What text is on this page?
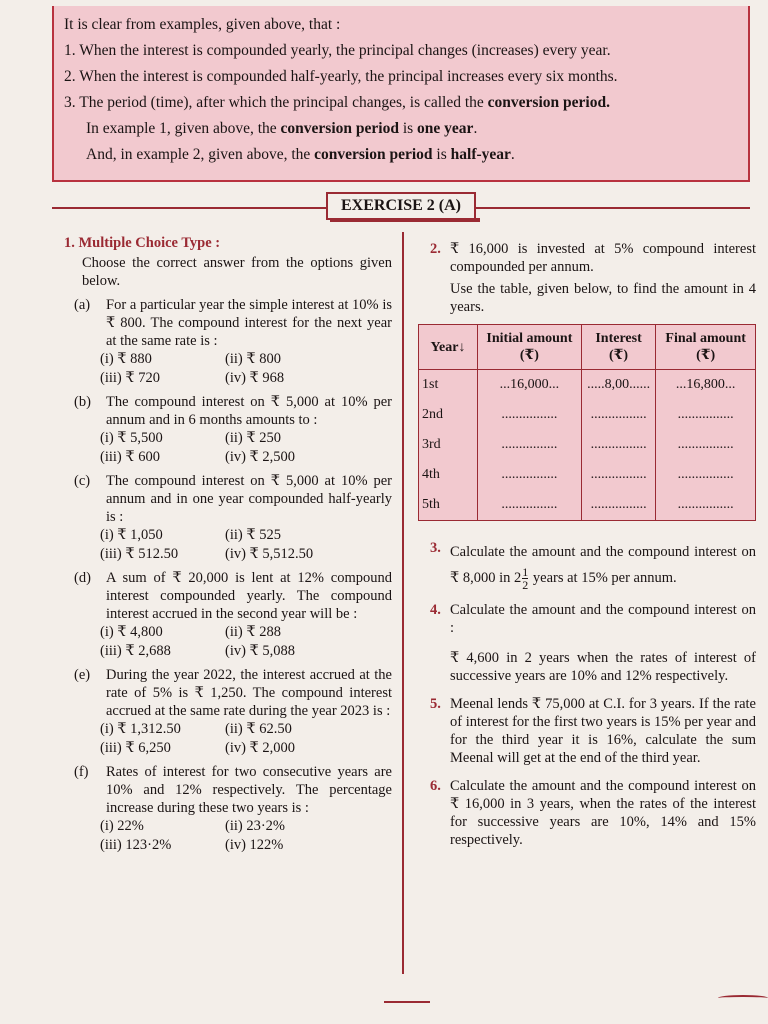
It is clear from examples, given above, that :
1. When the interest is compounded yearly, the principal changes (increases) every year.
2. When the interest is compounded half-yearly, the principal increases every six months.
3. The period (time), after which the principal changes, is called the conversion period.
In example 1, given above, the conversion period is one year.
And, in example 2, given above, the conversion period is half-year.
EXERCISE 2 (A)
1. Multiple Choice Type :
Choose the correct answer from the options given below.
(a)	For a particular year the simple interest at 10% is ₹ 800. The compound interest for the next year at the same rate is :
(i) ₹ 880	(ii) ₹ 800
(iii) ₹ 720	(iv) ₹ 968
(b)	The compound interest on ₹ 5,000 at 10% per annum and in 6 months amounts to :
(i) ₹ 5,500	(ii) ₹ 250
(iii) ₹ 600	(iv) ₹ 2,500
(c)	The compound interest on ₹ 5,000 at 10% per annum and in one year compounded half-yearly is :
(i) ₹ 1,050	(ii) ₹ 525
(iii) ₹ 512.50	(iv) ₹ 5,512.50
(d)	A sum of ₹ 20,000 is lent at 12% compound interest compounded yearly. The compound interest accrued in the second year will be :
(i) ₹ 4,800	(ii) ₹ 288
(iii) ₹ 2,688	(iv) ₹ 5,088
(e)	During the year 2022, the interest accrued at the rate of 5% is ₹ 1,250. The compound interest accrued at the same rate during the year 2023 is :
(i) ₹ 1,312.50	(ii) ₹ 62.50
(iii) ₹ 6,250	(iv) ₹ 2,000
(f)	Rates of interest for two consecutive years are 10% and 12% respectively. The percentage increase during these two years is :
(i) 22%	(ii) 23·2%
(iii) 123·2%	(iv) 122%
2. ₹ 16,000 is invested at 5% compound interest compounded per annum.
Use the table, given below, to find the amount in 4 years.
Year↓	Initial amount (₹)	Interest (₹)	Final amount (₹)
1st	...16,000...	.....8,00......	...16,800...
2nd	................	................	................
3rd	................	................	................
4th	................	................	................
5th	................	................	................
3. Calculate the amount and the compound interest on ₹ 8,000 in $2 \frac{1}{2}$ years at 15% per annum.
4. Calculate the amount and the compound interest on :
₹ 4,600 in 2 years when the rates of interest of successive years are 10% and 12% respectively.
5. Meenal lends ₹ 75,000 at C.I. for 3 years. If the rate of interest for the first two years is 15% per year and for the third year it is 16%, calculate the sum Meenal will get at the end of the third year.
6. Calculate the amount and the compound interest on ₹ 16,000 in 3 years, when the rates of the interest for successive years are 10%, 14% and 15% respectively.
